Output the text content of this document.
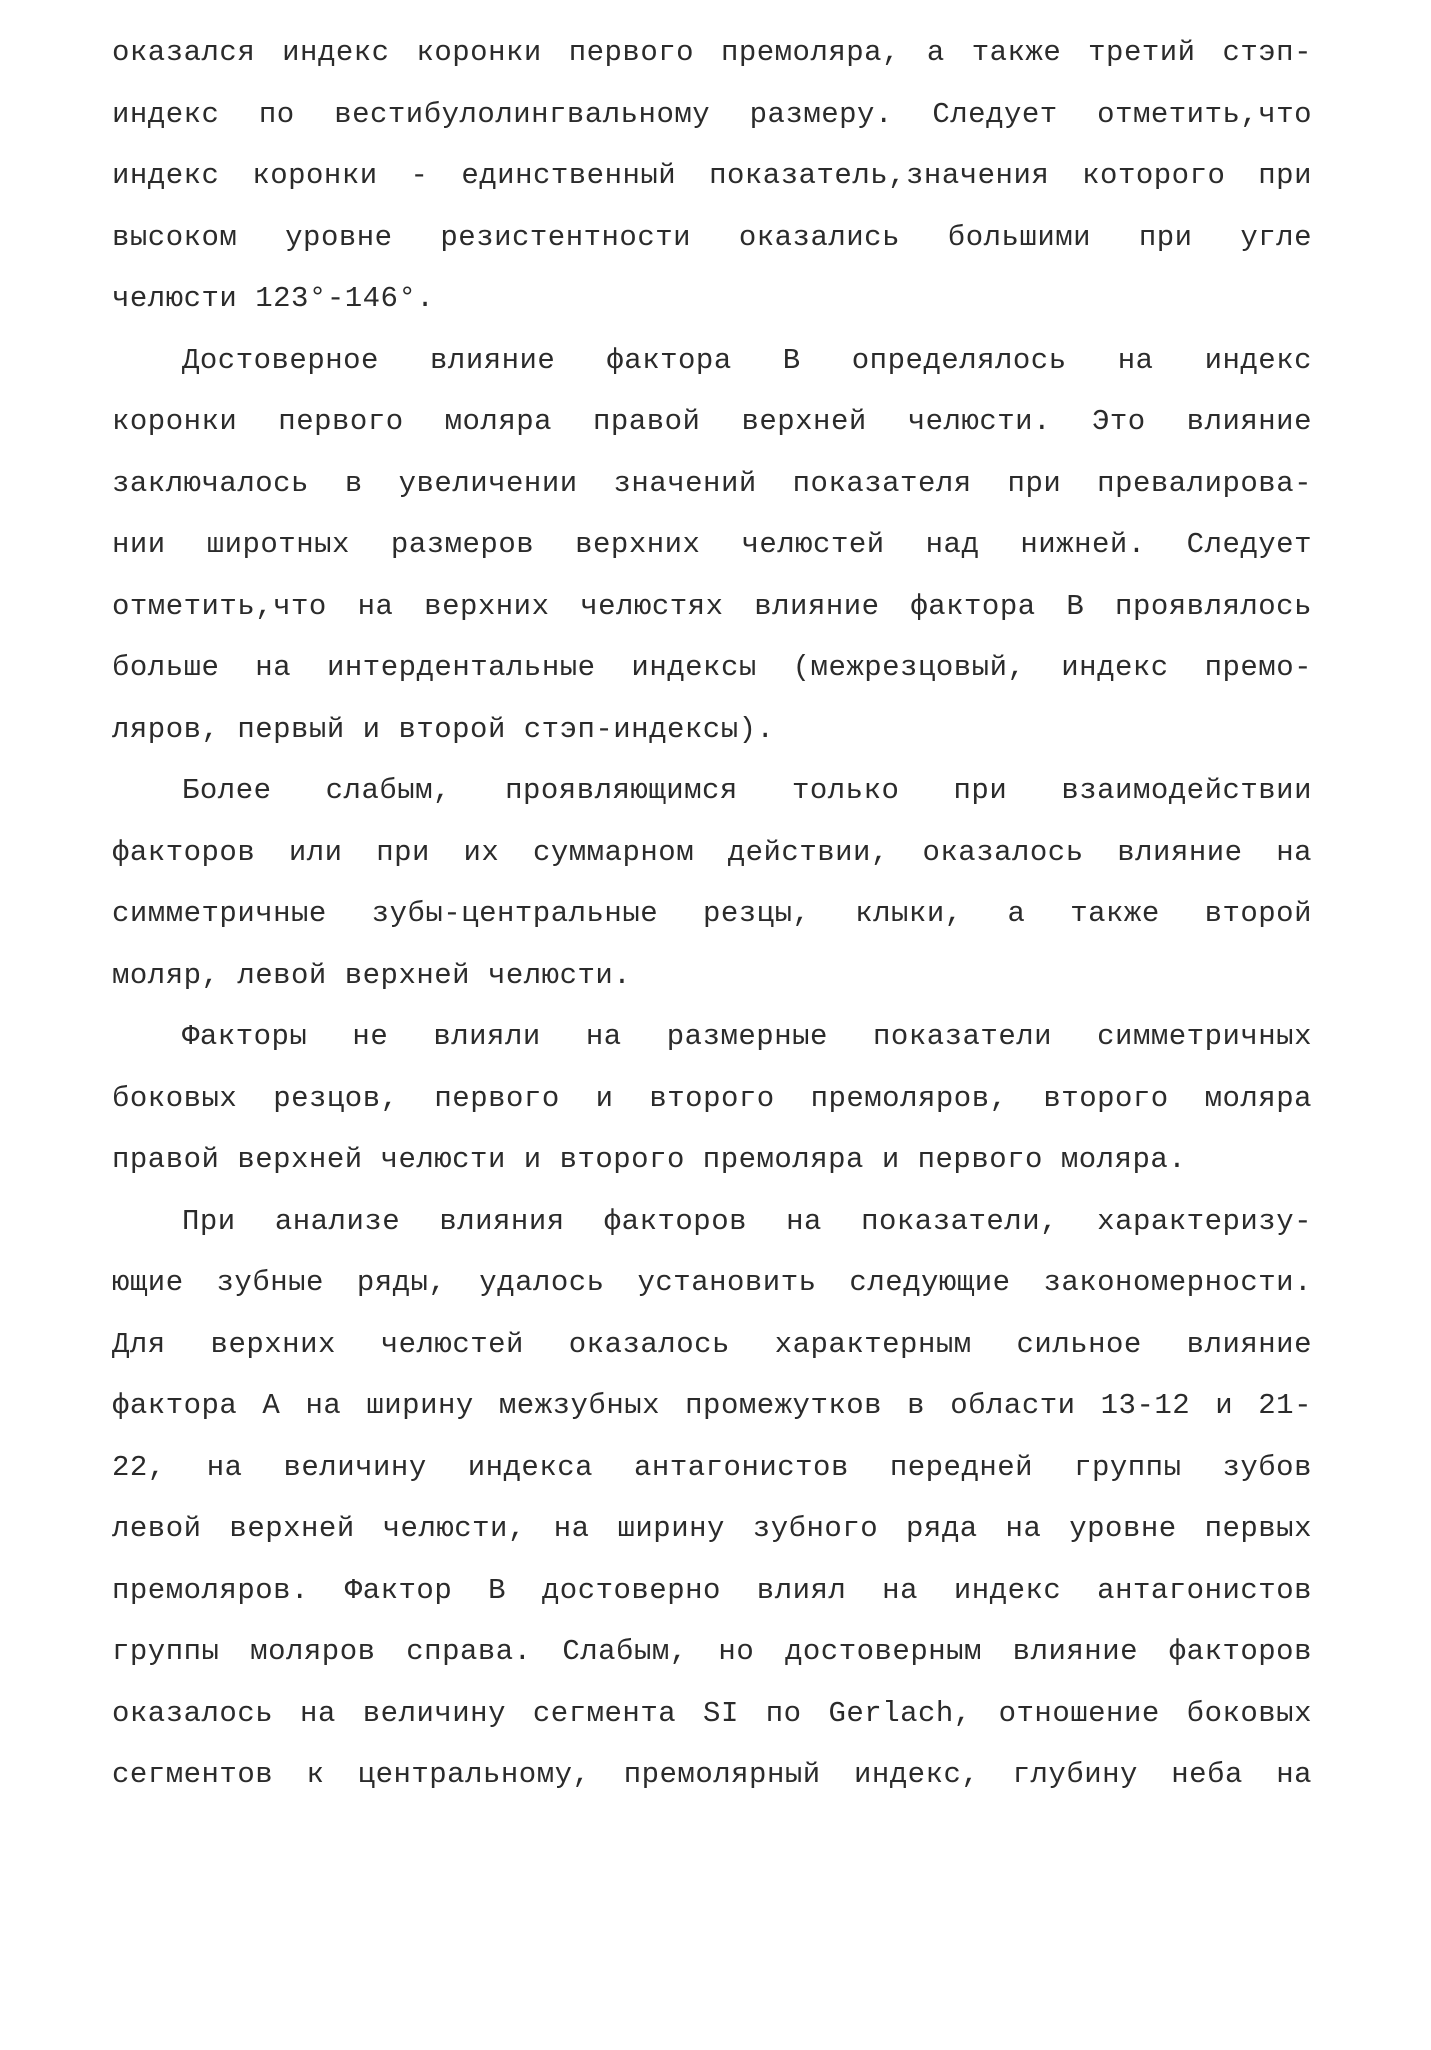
оказался индекс коронки первого премоляра, а также третий стэп-
индекс по вестибулолингвальному размеру. Следует отметить,что
индекс коронки - единственный показатель,значения которого при
высоком уровне резистентности оказались большими при угле
челюсти 123°-146°.
Достоверное влияние фактора В определялось на индекс
коронки первого моляра правой верхней челюсти. Это влияние
заключалось в увеличении значений показателя при превалирова-
нии широтных размеров верхних челюстей над нижней. Следует
отметить,что на верхних челюстях влияние фактора В проявлялось
больше на интердентальные индексы (межрезцовый, индекс премо-
ляров, первый и второй стэп-индексы).
Более слабым, проявляющимся только при взаимодействии
факторов или при их суммарном действии, оказалось влияние на
симметричные зубы-центральные резцы, клыки, а также второй
моляр, левой верхней челюсти.
Факторы не влияли на размерные показатели симметричных
боковых резцов, первого и второго премоляров, второго моляра
правой верхней челюсти и второго премоляра и первого моляра.
При анализе влияния факторов на показатели, характеризу-
ющие зубные ряды, удалось установить следующие закономерности.
Для верхних челюстей оказалось характерным сильное влияние
фактора А на ширину межзубных промежутков в области 13-12 и 21-
22, на величину индекса антагонистов передней группы зубов
левой верхней челюсти, на ширину зубного ряда на уровне первых
премоляров. Фактор В достоверно влиял на индекс антагонистов
группы моляров справа. Слабым, но достоверным влияние факторов
оказалось на величину сегмента SI по Gerlach, отношение боковых
сегментов к центральному, премолярный индекс, глубину неба на
